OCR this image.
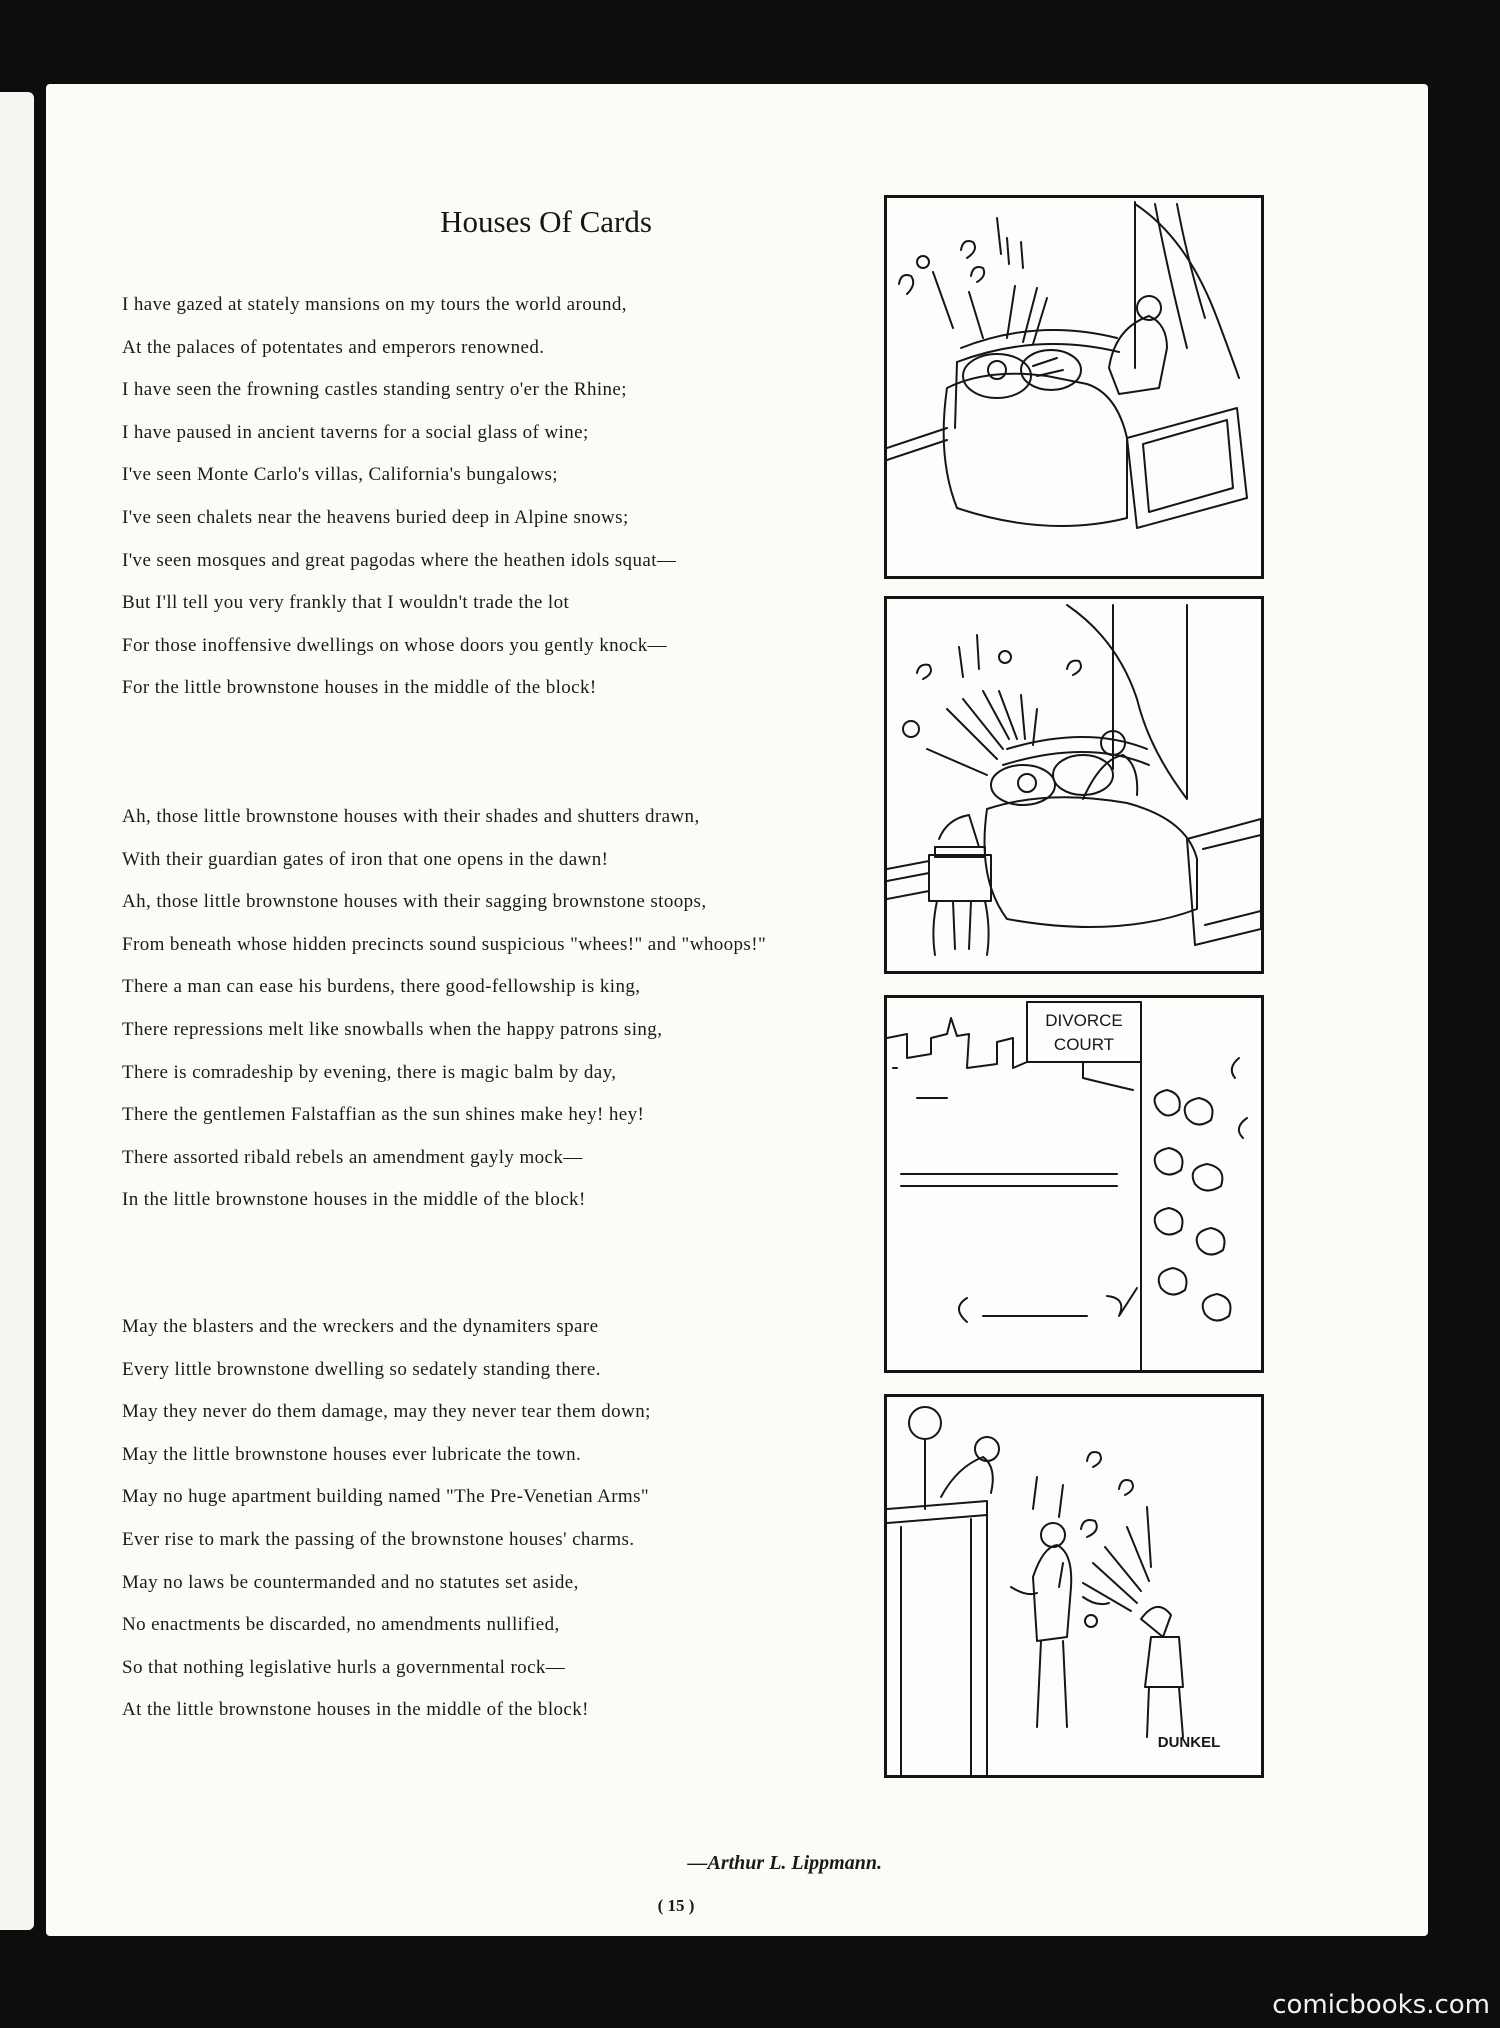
Houses Of Cards
I have gazed at stately mansions on my tours the world around,
At the palaces of potentates and emperors renowned.
I have seen the frowning castles standing sentry o'er the Rhine;
I have paused in ancient taverns for a social glass of wine;
I've seen Monte Carlo's villas, California's bungalows;
I've seen chalets near the heavens buried deep in Alpine snows;
I've seen mosques and great pagodas where the heathen idols squat—
But I'll tell you very frankly that I wouldn't trade the lot
For those inoffensive dwellings on whose doors you gently knock—
For the little brownstone houses in the middle of the block!
Ah, those little brownstone houses with their shades and shutters drawn,
With their guardian gates of iron that one opens in the dawn!
Ah, those little brownstone houses with their sagging brownstone stoops,
From beneath whose hidden precincts sound suspicious "whees!" and "whoops!"
There a man can ease his burdens, there good-fellowship is king,
There repressions melt like snowballs when the happy patrons sing,
There is comradeship by evening, there is magic balm by day,
There the gentlemen Falstaffian as the sun shines make hey! hey!
There assorted ribald rebels an amendment gayly mock—
In the little brownstone houses in the middle of the block!
May the blasters and the wreckers and the dynamiters spare
Every little brownstone dwelling so sedately standing there.
May they never do them damage, may they never tear them down;
May the little brownstone houses ever lubricate the town.
May no huge apartment building named "The Pre-Venetian Arms"
Ever rise to mark the passing of the brownstone houses' charms.
May no laws be countermanded and no statutes set aside,
No enactments be discarded, no amendments nullified,
So that nothing legislative hurls a governmental rock—
At the little brownstone houses in the middle of the block!
—Arthur L. Lippmann.
( 15 )
DIVORCE
COURT
DUNKEL
comicbooks.com
